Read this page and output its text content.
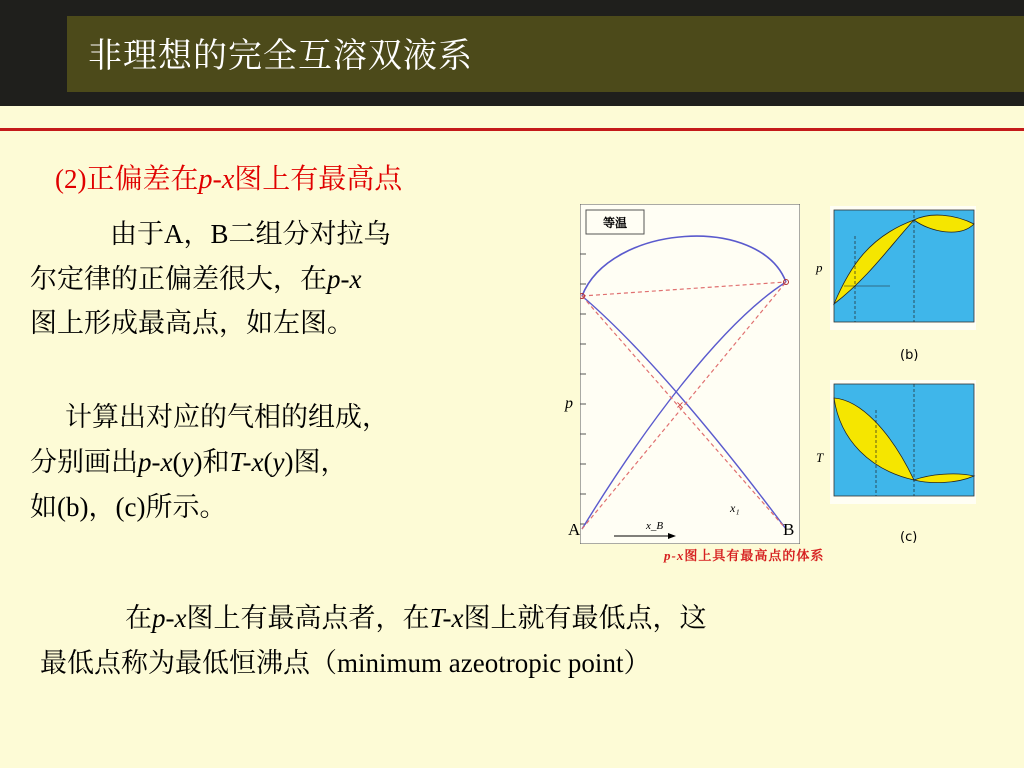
非理想的完全互溶双液系
(2)正偏差在p-x图上有最高点
由于A，B二组分对拉乌
尔定律的正偏差很大，在p-x
图上形成最高点，如左图。
计算出对应的气相的组成，
分别画出p-x(y)和T-x(y)图，
如(b)，(c)所示。
在p-x图上有最高点者，在T-x图上就有最低点，这
最低点称为最低恒沸点（minimum azeotropic point）
等温
×
x₁
p
A	B
x_B
p
(b)
T
(c)
p-x图上具有最高点的体系
